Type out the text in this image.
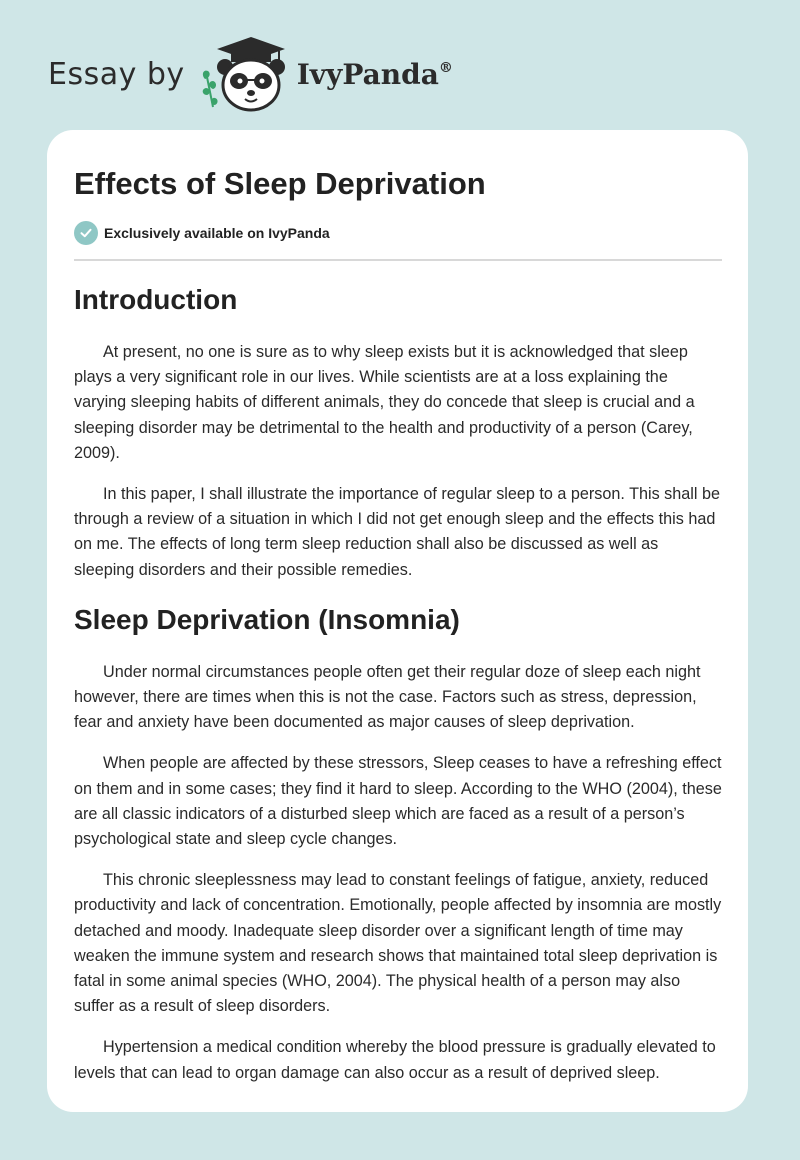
Essay by	IvyPanda®
Effects of Sleep Deprivation
Exclusively available on IvyPanda
Introduction

At present, no one is sure as to why sleep exists but it is acknowledged that sleep plays a very significant role in our lives. While scientists are at a loss explaining the varying sleeping habits of different animals, they do concede that sleep is crucial and a sleeping disorder may be detrimental to the health and productivity of a person (Carey, 2009).

In this paper, I shall illustrate the importance of regular sleep to a person. This shall be through a review of a situation in which I did not get enough sleep and the effects this had on me. The effects of long term sleep reduction shall also be discussed as well as sleeping disorders and their possible remedies.

Sleep Deprivation (Insomnia)

Under normal circumstances people often get their regular doze of sleep each night however, there are times when this is not the case. Factors such as stress, depression, fear and anxiety have been documented as major causes of sleep deprivation.

When people are affected by these stressors, Sleep ceases to have a refreshing effect on them and in some cases; they find it hard to sleep. According to the WHO (2004), these are all classic indicators of a disturbed sleep which are faced as a result of a person’s psychological state and sleep cycle changes.

This chronic sleeplessness may lead to constant feelings of fatigue, anxiety, reduced productivity and lack of concentration. Emotionally, people affected by insomnia are mostly detached and moody. Inadequate sleep disorder over a significant length of time may weaken the immune system and research shows that maintained total sleep deprivation is fatal in some animal species (WHO, 2004). The physical health of a person may also suffer as a result of sleep disorders.

Hypertension a medical condition whereby the blood pressure is gradually elevated to levels that can lead to organ damage can also occur as a result of deprived sleep.
